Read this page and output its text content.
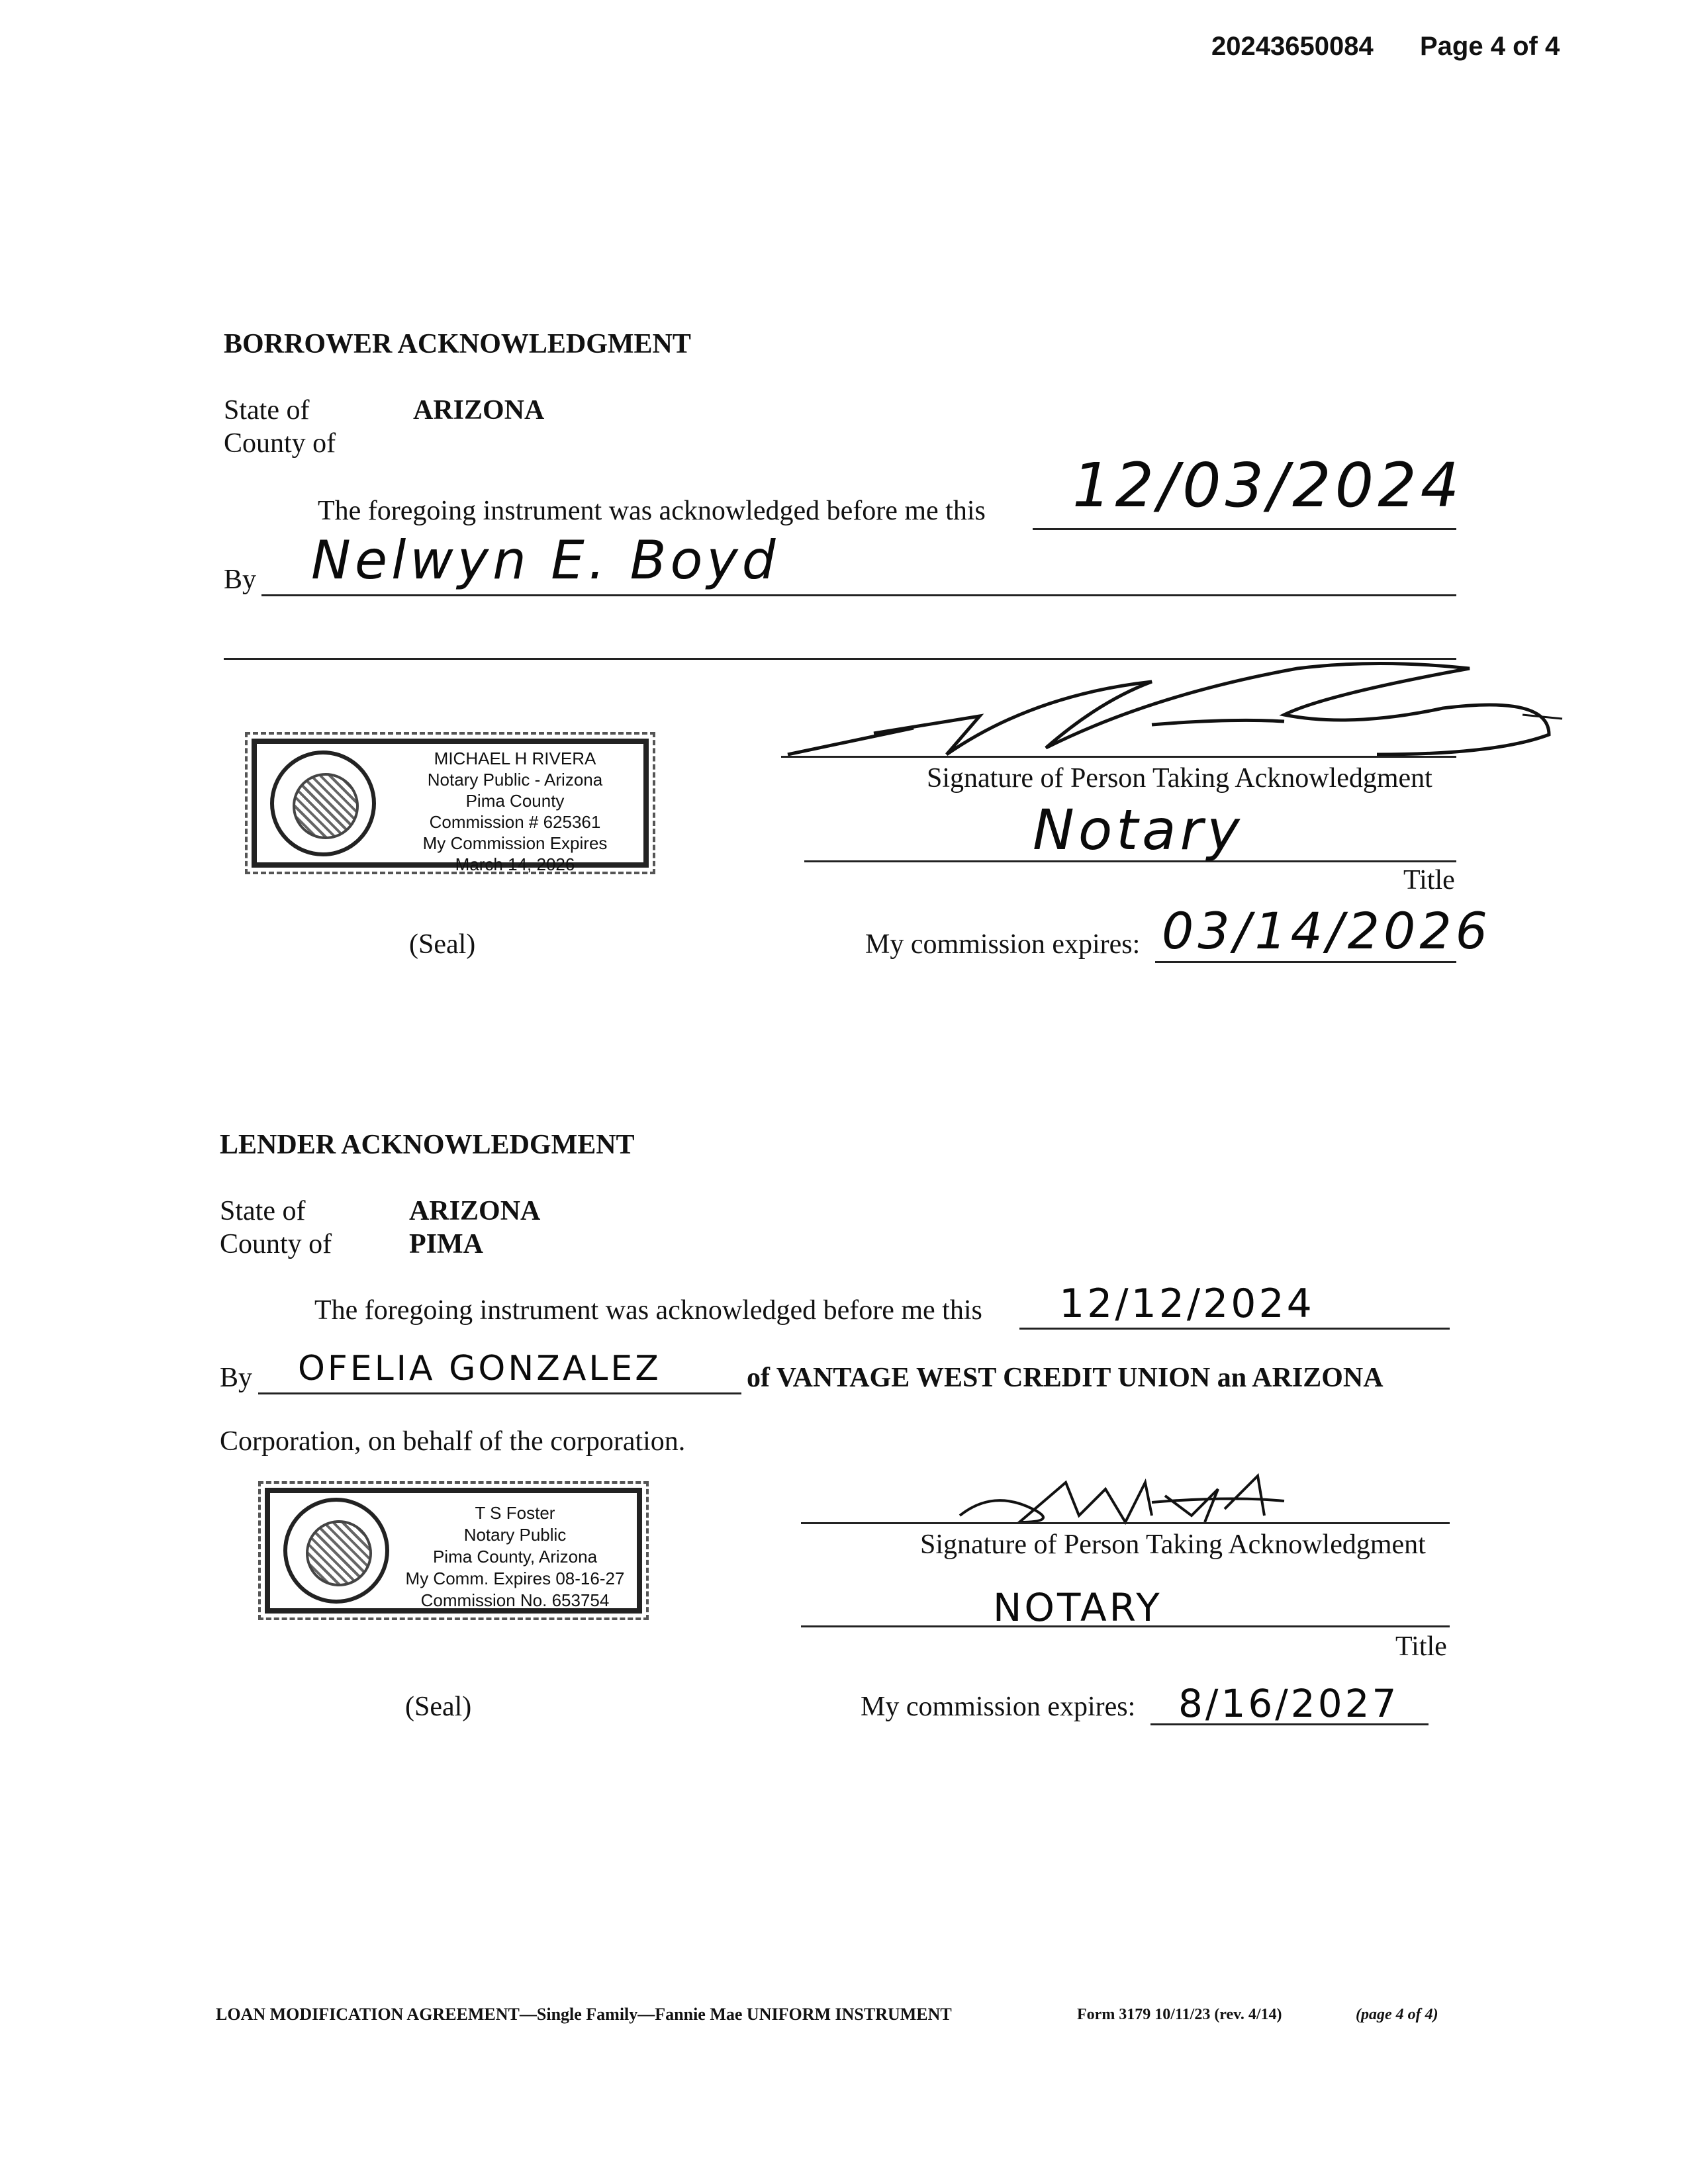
20243650084 Page 4 of 4
BORROWER ACKNOWLEDGMENT
State of	ARIZONA
County of
The foregoing instrument was acknowledged before me this 12/03/2024
By Nelwyn E. Boyd
MICHAEL H RIVERA
Notary Public - Arizona
Pima County
Commission # 625361
My Commission Expires
March 14, 2026
Signature of Person Taking Acknowledgment
Notary
Title
(Seal)	My commission expires: 03/14/2026
LENDER ACKNOWLEDGMENT
State of	ARIZONA
County of	PIMA
The foregoing instrument was acknowledged before me this 12/12/2024
By OFELIA GONZALEZ	of VANTAGE WEST CREDIT UNION an ARIZONA
Corporation, on behalf of the corporation.
T S Foster
Notary Public
Pima County, Arizona
My Comm. Expires 08-16-27
Commission No. 653754
Signature of Person Taking Acknowledgment
NOTARY
Title
(Seal)	My commission expires: 8/16/2027
LOAN MODIFICATION AGREEMENT—Single Family—Fannie Mae UNIFORM INSTRUMENT	Form 3179 10/11/23 (rev. 4/14)	(page 4 of 4)
